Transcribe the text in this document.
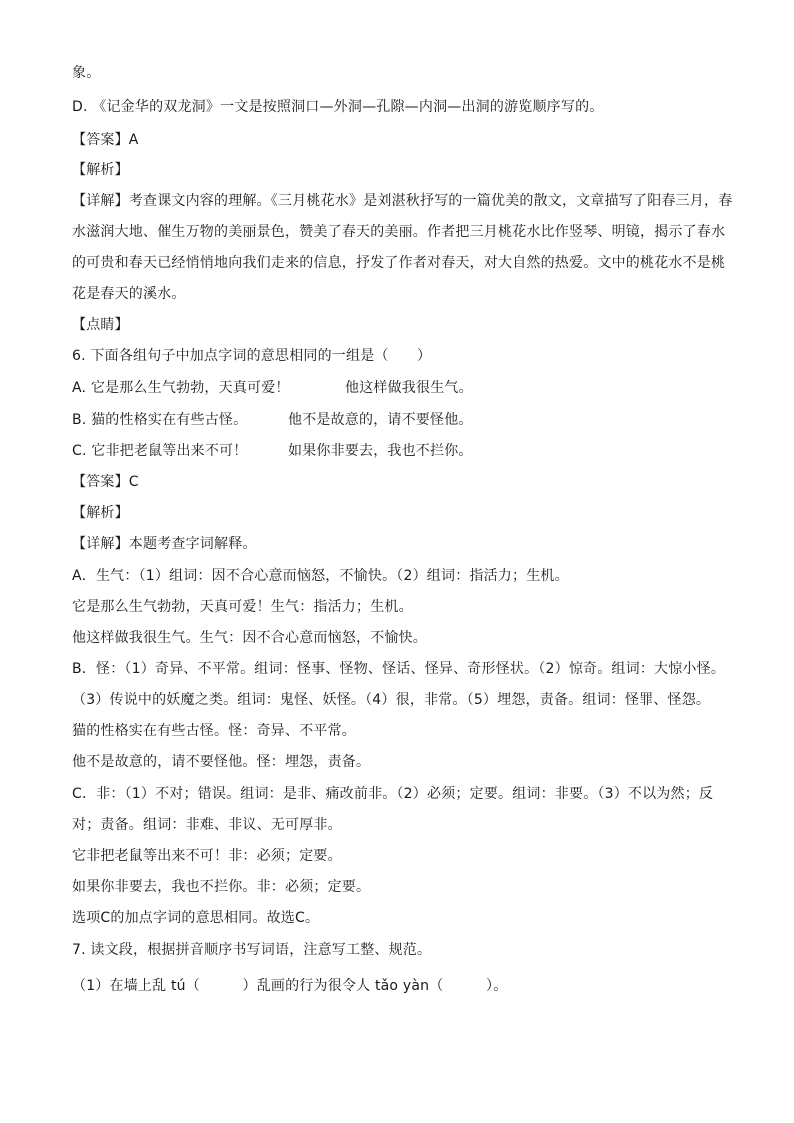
象。
D. 《记金华的双龙洞》一文是按照洞口—外洞—孔隙—内洞—出洞的游览顺序写的。
【答案】A
【解析】
【详解】考查课文内容的理解。《三月桃花水》是刘湛秋抒写的一篇优美的散文，文章描写了阳春三月，春
水滋润大地、催生万物的美丽景色，赞美了春天的美丽。作者把三月桃花水比作竖琴、明镜，揭示了春水
的可贵和春天已经悄悄地向我们走来的信息，抒发了作者对春天，对大自然的热爱。文中的桃花水不是桃
花是春天的溪水。
【点睛】
6. 下面各组句子中加点字词的意思相同的一组是（　　）
A. 它是那么生气勃勃，天真可爱！	他这样做我很生气。
B. 猫的性格实在有些古怪。	他不是故意的，请不要怪他。
C. 它非把老鼠等出来不可！	如果你非要去，我也不拦你。
【答案】C
【解析】
【详解】本题考查字词解释。
A．生气：（1）组词：因不合心意而恼怒，不愉快。（2）组词：指活力；生机。
它是那么生气勃勃，天真可爱！生气：指活力；生机。
他这样做我很生气。生气：因不合心意而恼怒，不愉快。
B．怪：（1）奇异、不平常。组词：怪事、怪物、怪话、怪异、奇形怪状。（2）惊奇。组词：大惊小怪。
（3）传说中的妖魔之类。组词：鬼怪、妖怪。（4）很，非常。（5）埋怨，责备。组词：怪罪、怪怨。
猫的性格实在有些古怪。怪：奇异、不平常。
他不是故意的，请不要怪他。怪：埋怨，责备。
C．非：（1）不对；错误。组词：是非、痛改前非。（2）必须；定要。组词：非要。（3）不以为然；反
对；责备。组词：非难、非议、无可厚非。
它非把老鼠等出来不可！非：必须；定要。
如果你非要去，我也不拦你。非：必须；定要。
选项C的加点字词的意思相同。故选C。
7. 读文段，根据拼音顺序书写词语，注意写工整、规范。
（1）在墙上乱 tú（　　　）乱画的行为很令人 tǎo yàn（　　　）。
